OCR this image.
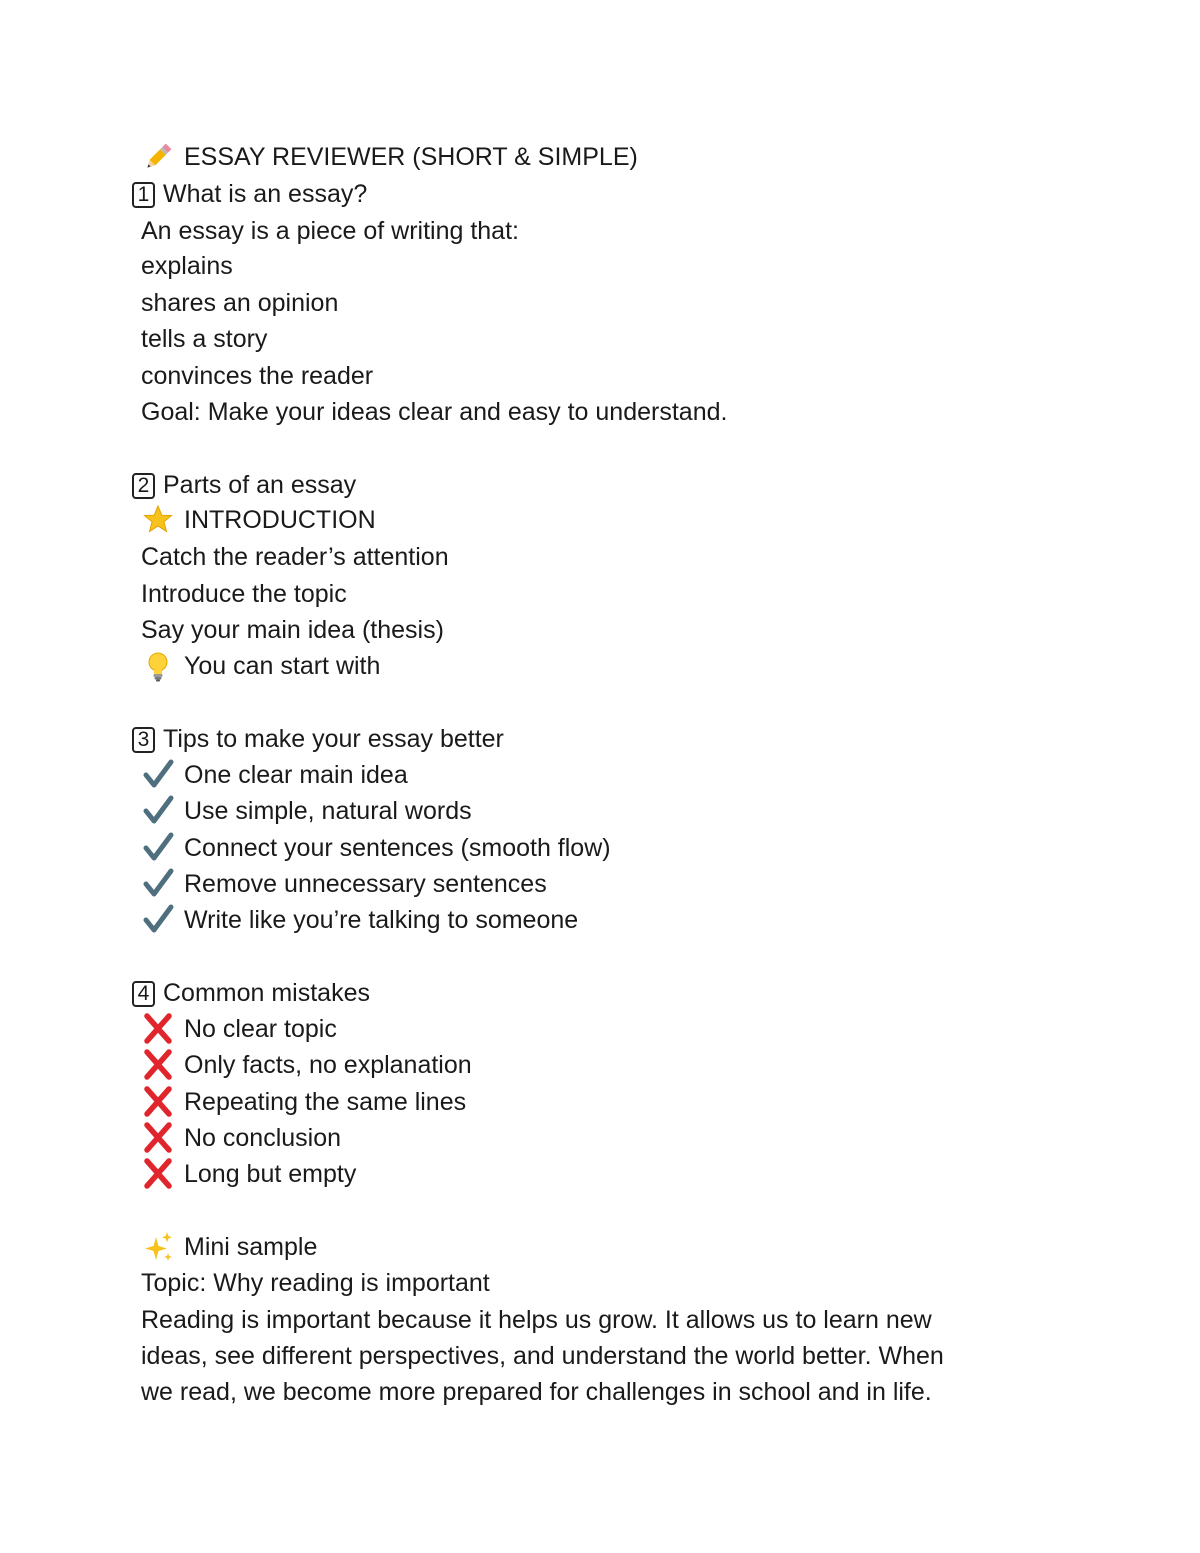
ESSAY REVIEWER (SHORT & SIMPLE)
1 What is an essay?
An essay is a piece of writing that:
explains
shares an opinion
tells a story
convinces the reader
Goal: Make your ideas clear and easy to understand.
2 Parts of an essay
INTRODUCTION
Catch the reader’s attention
Introduce the topic
Say your main idea (thesis)
You can start with
3 Tips to make your essay better
One clear main idea
Use simple, natural words
Connect your sentences (smooth flow)
Remove unnecessary sentences
Write like you’re talking to someone
4 Common mistakes
No clear topic
Only facts, no explanation
Repeating the same lines
No conclusion
Long but empty
Mini sample
Topic: Why reading is important
Reading is important because it helps us grow. It allows us to learn new
ideas, see different perspectives, and understand the world better. When
we read, we become more prepared for challenges in school and in life.
